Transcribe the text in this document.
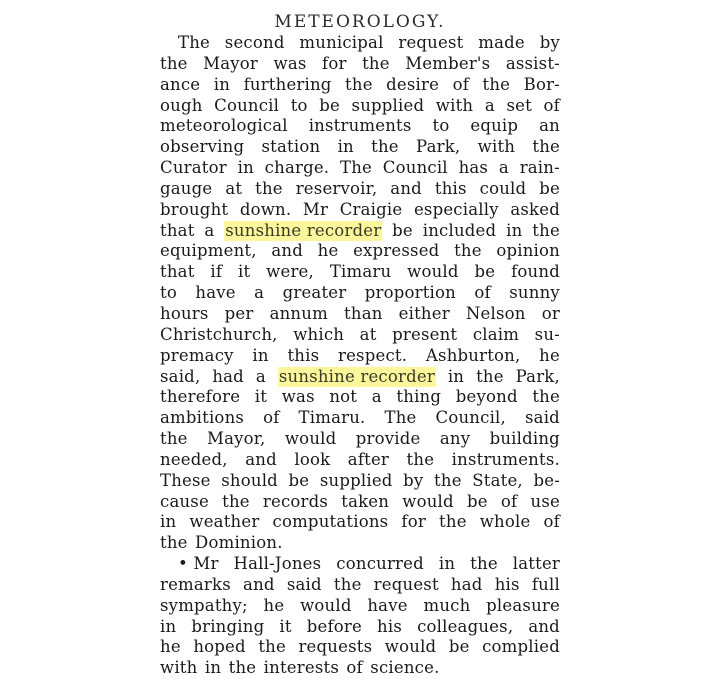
METEOROLOGY.
The second municipal request made by
the Mayor was for the Member's assist-
ance in furthering the desire of the Bor-
ough Council to be supplied with a set of
meteorological instruments to equip an
observing station in the Park, with the
Curator in charge. The Council has a rain-
gauge at the reservoir, and this could be
brought down. Mr Craigie especially asked
that a sunshine recorder be included in the
equipment, and he expressed the opinion
that if it were, Timaru would be found
to have a greater proportion of sunny
hours per annum than either Nelson or
Christchurch, which at present claim su-
premacy in this respect. Ashburton, he
said, had a sunshine recorder in the Park,
therefore it was not a thing beyond the
ambitions of Timaru. The Council, said
the Mayor, would provide any building
needed, and look after the instruments.
These should be supplied by the State, be-
cause the records taken would be of use
in weather computations for the whole of
the Dominion.
• Mr Hall-Jones concurred in the latter
remarks and said the request had his full
sympathy; he would have much pleasure
in bringing it before his colleagues, and
he hoped the requests would be complied
with in the interests of science.
